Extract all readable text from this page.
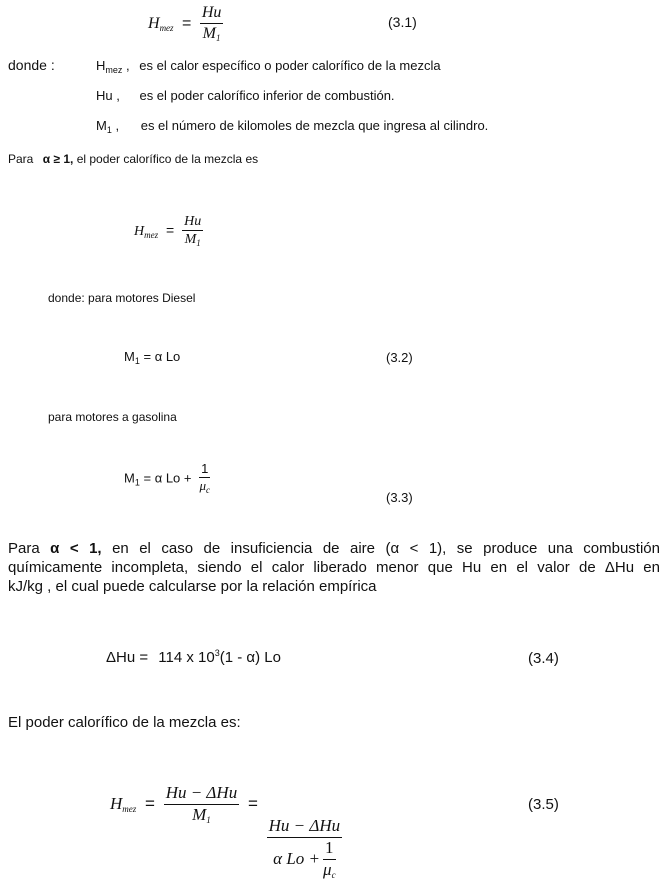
$H_{mez} = \frac{Hu}{M_1}$	(3.1)
donde :	$H_{mez}$ , es el calor específico o poder calorífico de la mezcla
Hu , es el poder calorífico inferior de combustión.
$M_1$ , es el número de kilomoles de mezcla que ingresa al cilindro.
Para α ≥ 1, el poder calorífico de la mezcla es
$H_{mez} = \frac{Hu}{M_1}$
donde: para motores Diesel
$M_1 = \alpha$ Lo	(3.2)
para motores a gasolina
$M_1 = \alpha$ $Lo + \frac{1}{\mu_c}$
(3.3)
Para α < 1, en el caso de insuficiencia de aire (α < 1), se produce una combustión
químicamente incompleta, siendo el calor liberado menor que Hu en el valor de ΔHu en
kJ/kg , el cual puede calcularse por la relación empírica
ΔHu = 114 x $10^3(1 - \alpha)$ Lo	(3.4)
El poder calorífico de la mezcla es:
$H_{mez} = \frac{\text{Hu − ΔHu}}{M_1}$ =
$\frac{\text{Hu − ΔHu}}{\alpha Lo + \frac{1}{\mu_c}}$
(3.5)
